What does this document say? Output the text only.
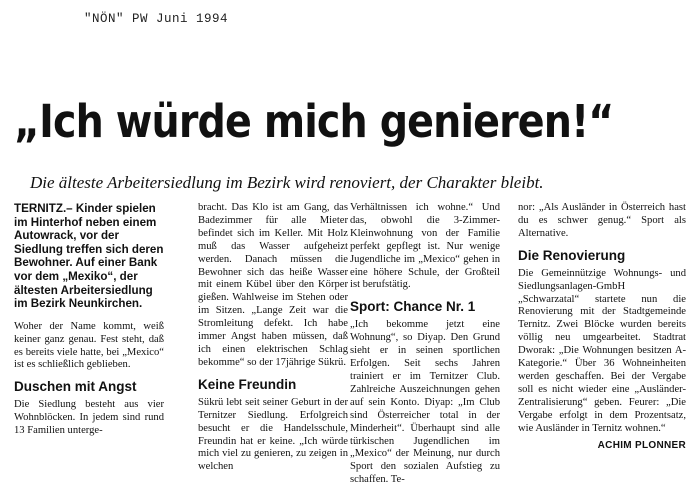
"NÖN" PW Juni 1994
„Ich würde mich genieren!“
Die älteste Arbeitersiedlung im Bezirk wird renoviert, der Charakter bleibt.
TERNITZ.– Kinder spielen im Hinterhof neben einem Autowrack, vor der Siedlung treffen sich deren Bewohner. Auf einer Bank vor dem „Mexiko“, der ältesten Arbeitersiedlung im Bezirk Neunkirchen.

Woher der Name kommt, weiß keiner ganz genau. Fest steht, daß es bereits viele hatte, bei „Mexico“ ist es schließlich geblieben.

Duschen mit Angst

Die Siedlung besteht aus vier Wohnblöcken. In jedem sind rund 13 Familien unterge-

bracht. Das Klo ist am Gang, das Badezimmer für alle Mieter befindet sich im Keller. Mit Holz muß das Wasser aufgeheizt werden. Danach müssen die Bewohner sich das heiße Wasser mit einem Kübel über den Körper gießen. Wahlweise im Stehen oder im Sitzen. „Lange Zeit war die Stromleitung defekt. Ich habe immer Angst haben müssen, daß ich einen elektrischen Schlag bekomme“ so der 17jährige Sükrü.

Keine Freundin

Sükrü lebt seit seiner Geburt in der Ternitzer Siedlung. Erfolgreich besucht er die Handelsschule, Freundin hat er keine. „Ich würde mich viel zu genieren, zu zeigen in welchen

Verhältnissen ich wohne.“ Und das, obwohl die 3-Zimmer-Kleinwohnung von der Familie perfekt gepflegt ist. Nur wenige Jugendliche im „Mexico“ gehen in eine höhere Schule, der Großteil ist berufstätig.

Sport: Chance Nr. 1

„Ich bekomme jetzt eine Wohnung“, so Diyap. Den Grund sieht er in seinen sportlichen Erfolgen. Seit sechs Jahren trainiert er im Ternitzer Club. Zahlreiche Auszeichnungen gehen auf sein Konto. Diyap: „Im Club sind Österreicher total in der Minderheit“. Überhaupt sind alle türkischen Jugendlichen im „Mexico“ der Meinung, nur durch Sport den sozialen Aufstieg zu schaffen. Te-

nor: „Als Ausländer in Österreich hast du es schwer genug.“ Sport als Alternative.

Die Renovierung

Die Gemeinnützige Wohnungs- und Siedlungsanlagen-GmbH „Schwarzatal“ startete nun die Renovierung mit der Stadtgemeinde Ternitz. Zwei Blöcke wurden bereits völlig neu umgearbeitet. Stadtrat Dworak: „Die Wohnungen besitzen A-Kategorie.“ Über 36 Wohneinheiten werden geschaffen. Bei der Vergabe soll es nicht wieder eine „Ausländer-Zentralisierung“ geben. Feurer: „Die Vergabe erfolgt in dem Prozentsatz, wie Ausländer in Ternitz wohnen.“

ACHIM PLONNER
